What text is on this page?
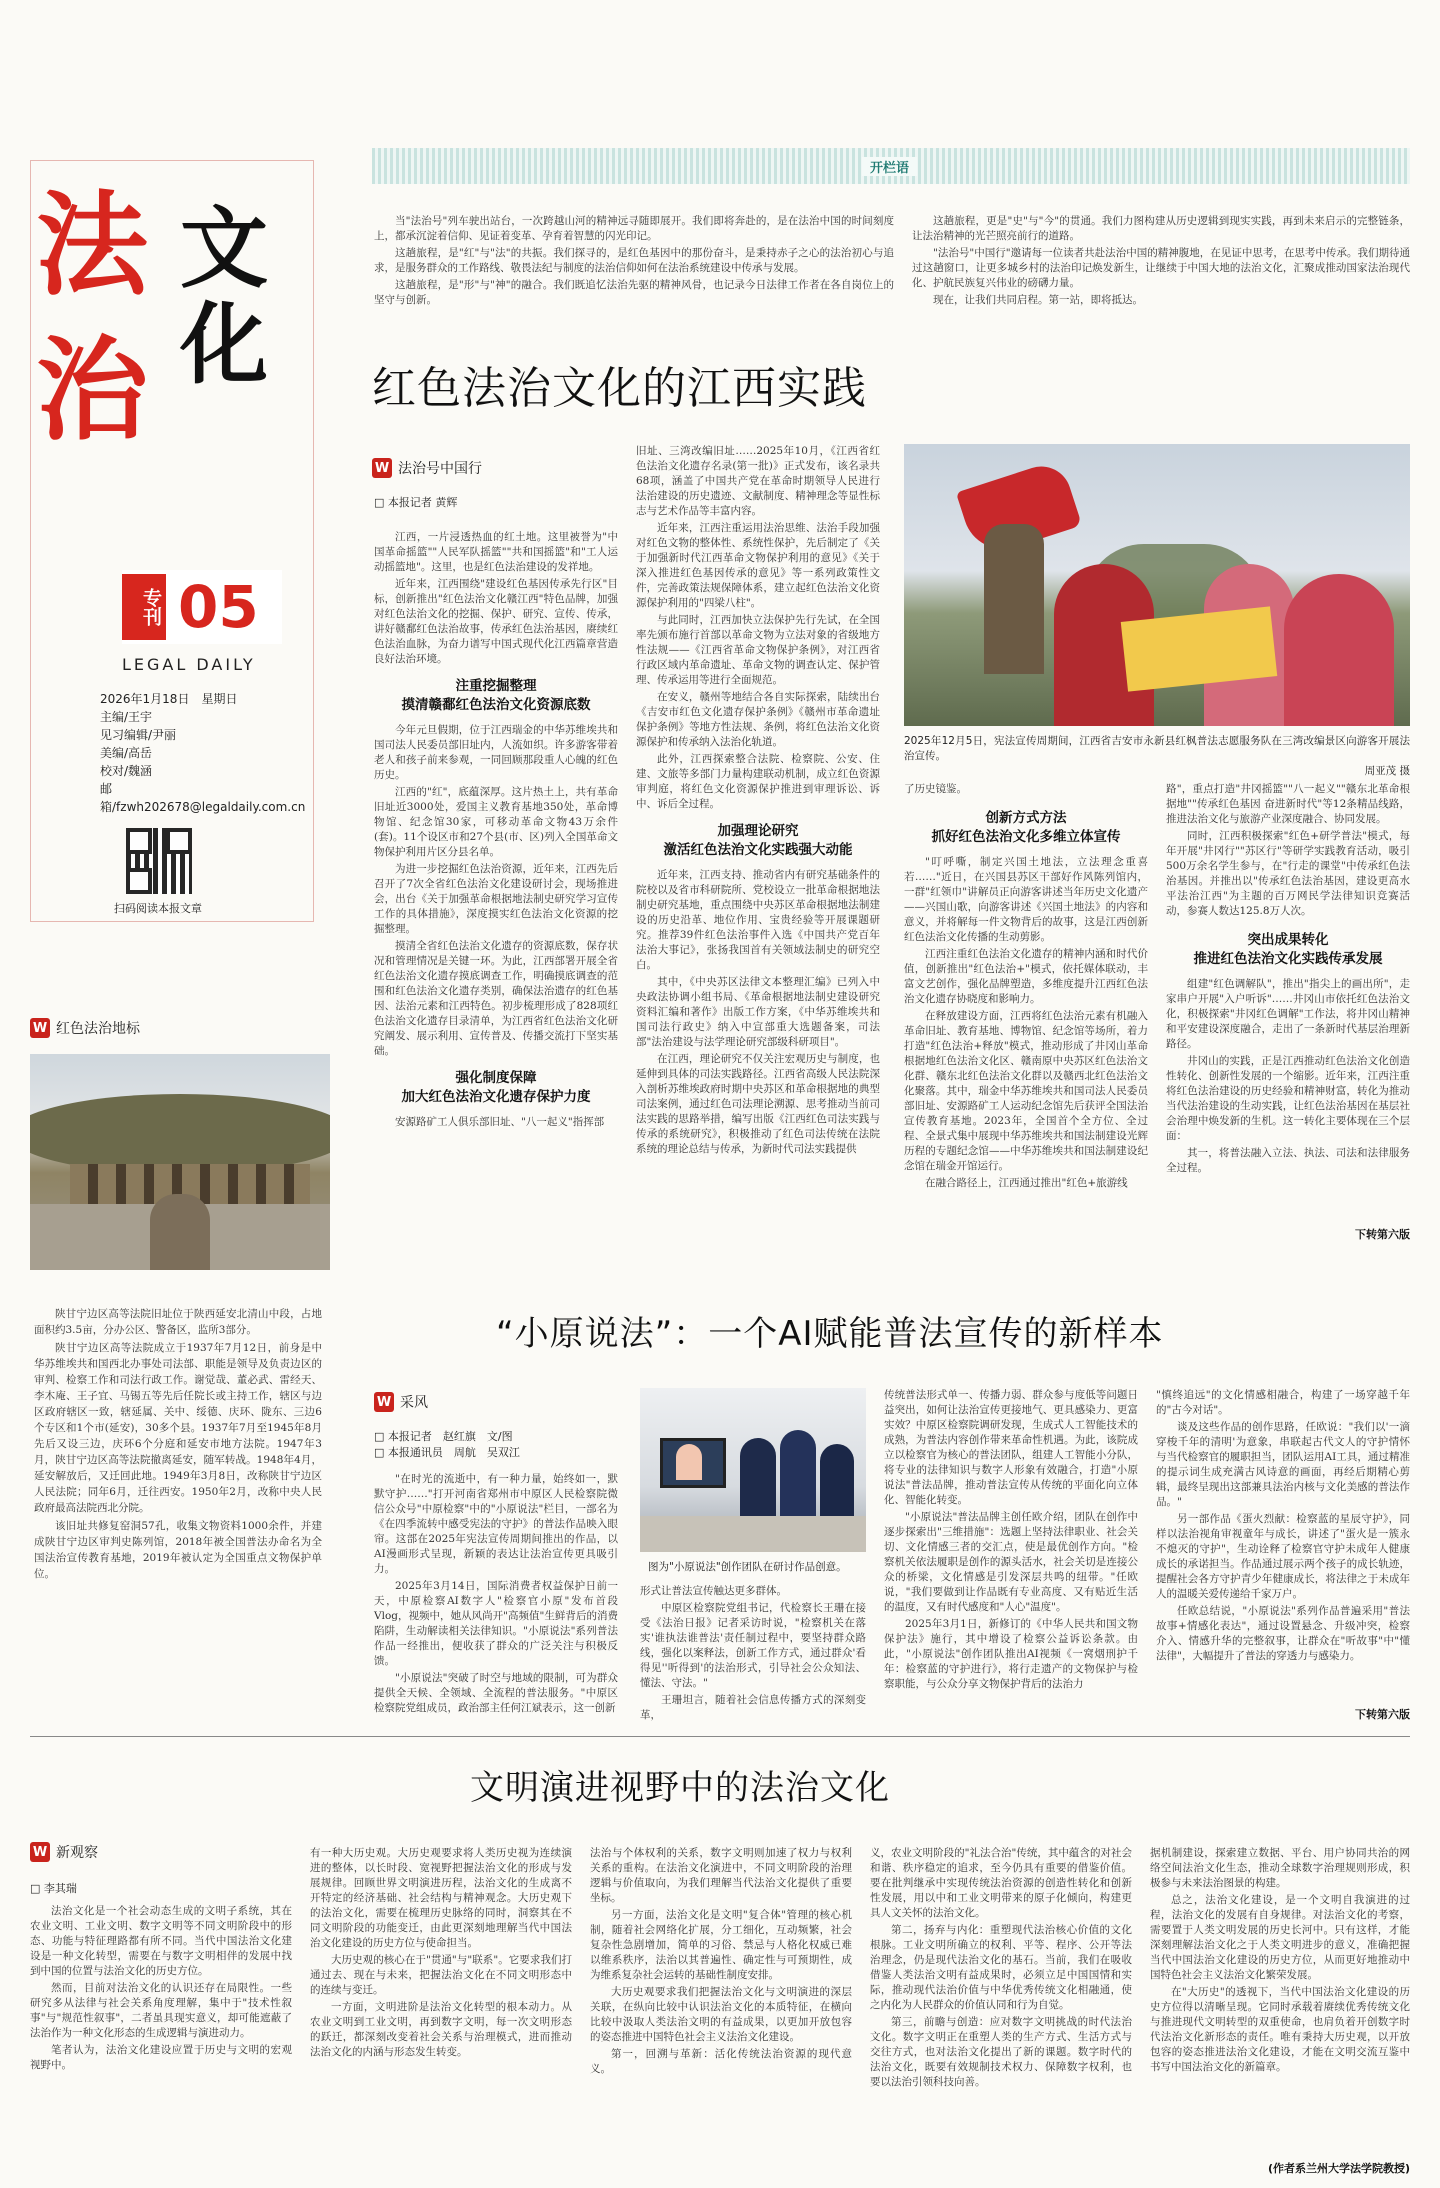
法
治
文
化
专刊 05
LEGAL DAILY
2026年1月18日　星期日
主编/王宇
见习编辑/尹丽
美编/高岳
校对/魏涵
邮箱/fzwh202678@legaldaily.com.cn
扫码阅读本报文章
开栏语

当"法治号"列车驶出站台，一次跨越山河的精神远寻随即展开。我们即将奔赴的，是在法治中国的时间刻度上，都承沉淀着信仰、见证着变革、孕育着智慧的闪光印记。

这趟旅程，是"红"与"法"的共振。我们探寻的，是红色基因中的那份奋斗，是秉持赤子之心的法治初心与追求，是服务群众的工作路线、敬畏法纪与制度的法治信仰如何在法治系统建设中传承与发展。

这趟旅程，是"形"与"神"的融合。我们既追忆法治先驱的精神风骨，也记录今日法律工作者在各自岗位上的坚守与创新。

这趟旅程，更是"史"与"今"的贯通。我们力图构建从历史逻辑到现实实践，再到未来启示的完整链条，让法治精神的光芒照亮前行的道路。

"法治号"中国行"邀请每一位读者共赴法治中国的精神腹地，在见证中思考，在思考中传承。我们期待通过这趟窗口，让更多城乡村的法治印记焕发新生，让继续于中国大地的法治文化，汇聚成推动国家法治现代化、护航民族复兴伟业的磅礴力量。

现在，让我们共同启程。第一站，即将抵达。

红色法治文化的江西实践
W 法治号中国行
□ 本报记者 黄辉

江西，一片浸透热血的红土地。这里被誉为"中国革命摇篮""人民军队摇篮""共和国摇篮"和"工人运动摇篮地"。这里，也是红色法治建设的发祥地。

近年来，江西围绕"建设红色基因传承先行区"目标，创新推出"红色法治文化赣江西"特色品牌，加强对红色法治文化的挖掘、保护、研究、宣传、传承，讲好赣鄱红色法治故事，传承红色法治基因，赓续红色法治血脉，为奋力谱写中国式现代化江西篇章营造良好法治环境。

注重挖掘整理
摸清赣鄱红色法治文化资源底数

今年元旦假期，位于江西瑞金的中华苏维埃共和国司法人民委员部旧址内，人流如织。许多游客带着老人和孩子前来参观，一同回顾那段重人心魄的红色历史。

江西的"红"，底蕴深厚。这片热土上，共有革命旧址近3000处，爱国主义教育基地350处，革命博物馆、纪念馆30家，可移动革命文物43万余件(套)。11个设区市和27个县(市、区)列入全国革命文物保护利用片区分县名单。

为进一步挖掘红色法治资源，近年来，江西先后召开了7次全省红色法治文化建设研讨会，现场推进会，出台《关于加强革命根据地法制史研究学习宣传工作的具体措施》，深度摸实红色法治文化资源的挖掘整理。

摸清全省红色法治文化遗存的资源底数，保存状况和管理情况是关键一环。为此，江西部署开展全省红色法治文化遗存摸底调查工作，明确摸底调查的范围和红色法治文化遗存类别，确保法治遗存的红色基因、法治元素和江西特色。初步梳理形成了828项红色法治文化遗存目录清单，为江西省红色法治文化研究阐发、展示利用、宣传普及、传播交流打下坚实基础。

强化制度保障
加大红色法治文化遗存保护力度

安源路矿工人俱乐部旧址、"八一起义"指挥部

旧址、三湾改编旧址……2025年10月，《江西省红色法治文化遗存名录(第一批)》正式发布，该名录共68项，涵盖了中国共产党在革命时期领导人民进行法治建设的历史遗迹、文献制度、精神理念等显性标志与艺术作品等丰富内容。

近年来，江西注重运用法治思维、法治手段加强对红色文物的整体性、系统性保护，先后制定了《关于加强新时代江西革命文物保护利用的意见》《关于深入推进红色基因传承的意见》等一系列政策性文件，完善政策法规保障体系，建立起红色法治文化资源保护利用的"四梁八柱"。

与此同时，江西加快立法保护先行先试，在全国率先颁布施行首部以革命文物为立法对象的省级地方性法规——《江西省革命文物保护条例》，对江西省行政区域内革命遗址、革命文物的调查认定、保护管理、传承运用等进行全面规范。

在安义，赣州等地结合各自实际探索，陆续出台《吉安市红色文化遗存保护条例》《赣州市革命遗址保护条例》等地方性法规、条例，将红色法治文化资源保护和传承纳入法治化轨道。

此外，江西探索整合法院、检察院、公安、住建、文旅等多部门力量构建联动机制，成立红色资源审判庭，将红色文化资源保护推进到审理诉讼、诉中、诉后全过程。

加强理论研究
激活红色法治文化实践强大动能

近年来，江西支持、推动省内有研究基础条件的院校以及省市科研院所、党校设立一批革命根据地法制史研究基地，重点围绕中央苏区革命根据地法制建设的历史沿革、地位作用、宝贵经验等开展课题研究。推荐39件红色法治事件入选《中国共产党百年法治大事记》，张扬我国首有关领域法制史的研究空白。

其中，《中央苏区法律文本整理汇编》已列入中央政法协调小组书局、《革命根据地法制史建设研究资料汇编和著作》出版工作方案，《中华苏维埃共和国司法行政史》纳入中宣部重大选题备案，司法部"法治建设与法学理论研究部级科研项目"。

在江西，理论研究不仅关注宏观历史与制度，也延伸到具体的司法实践路径。江西省高级人民法院深入剖析苏维埃政府时期中央苏区和革命根据地的典型司法案例，通过红色司法理论溯源、思考推动当前司法实践的思路举措，编写出版《江西红色司法实践与传承的系统研究》，积极推动了红色司法传统在法院系统的理论总结与传承，为新时代司法实践提供

2025年12月5日，宪法宣传周期间，江西省吉安市永新县红枫普法志愿服务队在三湾改编景区向游客开展法治宣传。
周亚茂 摄

了历史镜鉴。

创新方式方法
抓好红色法治文化多维立体宣传

"叮呼嘶，制定兴国土地法，立法理念重喜若……"近日，在兴国县苏区干部好作风陈列馆内，一群"红领巾"讲解员正向游客讲述当年历史文化遗产——兴国山歌，向游客讲述《兴国土地法》的内容和意义，并将解每一件文物背后的故事，这是江西创新红色法治文化传播的生动剪影。

江西注重红色法治文化遗存的精神内涵和时代价值，创新推出"红色法治+"模式，依托媒体联动，丰富文艺创作，强化品牌塑造，多维度提升江西红色法治文化遗存协晓度和影响力。

在释放建设方面，江西将红色法治元素有机融入革命旧址、教育基地、博物馆、纪念馆等场所，着力打造"红色法治+释放"模式，推动形成了井冈山革命根据地红色法治文化区、赣南原中央苏区红色法治文化群、赣东北红色法治文化群以及赣西北红色法治文化聚落。其中，瑞金中华苏维埃共和国司法人民委员部旧址、安源路矿工人运动纪念馆先后获评全国法治宣传教育基地。2023年，全国首个全方位、全过程、全景式集中展现中华苏维埃共和国法制建设光辉历程的专题纪念馆——中华苏维埃共和国法制建设纪念馆在瑞金开馆运行。

在融合路径上，江西通过推出"红色+旅游线

路"，重点打造"井冈摇篮""八一起义""赣东北革命根据地""传承红色基因 奋进新时代"等12条精品线路，推进法治文化与旅游产业深度融合、协同发展。

同时，江西积极探索"红色+研学普法"模式，每年开展"井冈行""苏区行"等研学实践教育活动，吸引500万余名学生参与，在"行走的课堂"中传承红色法治基因。并推出以"传承红色法治基因，建设更高水平法治江西"为主题的百万网民学法律知识竞赛活动，参赛人数达125.8万人次。

突出成果转化
推进红色法治文化实践传承发展

组建"红色调解队"，推出"指尖上的画出所"，走家串户开展"入户听诉"……井冈山市依托红色法治文化，积极探索"井冈红色调解"工作法，将井冈山精神和平安建设深度融合，走出了一条新时代基层治理新路径。

井冈山的实践，正是江西推动红色法治文化创造性转化、创新性发展的一个缩影。近年来，江西注重将红色法治建设的历史经验和精神财富，转化为推动当代法治建设的生动实践，让红色法治基因在基层社会治理中焕发新的生机。这一转化主要体现在三个层面：

其一，将普法融入立法、执法、司法和法律服务全过程。

下转第六版
W 红色法治地标

陕甘宁边区高等法院旧址位于陕西延安北清山中段，占地面积约3.5亩，分办公区、警备区，监所3部分。

陕甘宁边区高等法院成立于1937年7月12日，前身是中华苏维埃共和国西北办事处司法部、职能是领导及负责边区的审判、检察工作和司法行政工作。谢觉哉、董必武、雷经天、李木庵、王子宜、马锡五等先后任院长或主持工作，辖区与边区政府辖区一致，辖延属、关中、绥德、庆环、陇东、三边6个专区和1个市(延安)，30多个县。1937年7月至1945年8月先后又设三边，庆环6个分庭和延安市地方法院。1947年3月，陕甘宁边区高等法院撤离延安，随军转战。1948年4月，延安解放后，又迁回此地。1949年3月8日，改称陕甘宁边区人民法院；同年6月，迁往西安。1950年2月，改称中央人民政府最高法院西北分院。

该旧址共修复窑洞57孔，收集文物资料1000余件，并建成陕甘宁边区审判史陈列馆，2018年被全国普法办命名为全国法治宣传教育基地，2019年被认定为全国重点文物保护单位。

“小原说法”：一个AI赋能普法宣传的新样本
W 采风
□ 本报记者　赵红旗　文/图
□ 本报通讯员　周航　吴双江

"在时光的流逝中，有一种力量，始终如一，默默守护……"打开河南省郑州市中原区人民检察院微信公众号"中原检察"中的"小原说法"栏目，一部名为《在四季流转中感受宪法的守护》的普法作品映入眼帘。这部在2025年宪法宣传周期间推出的作品，以AI漫画形式呈现，新颖的表达让法治宣传更具吸引力。

2025年3月14日，国际消费者权益保护日前一天，中原检察AI数字人"检察官小原"发布首段Vlog，视频中，她从风尚开"高频值"生鲜背后的消费陷阱，生动解读相关法律知识。"小原说法"系列普法作品一经推出，便收获了群众的广泛关注与积极反馈。

"小原说法"突破了时空与地域的限制，可为群众提供全天候、全领域、全流程的普法服务。"中原区检察院党组成员，政治部主任何江斌表示，这一创新

图为"小原说法"创作团队在研讨作品创意。

形式让普法宣传触达更多群体。

中原区检察院党组书记，代检察长王珊在接受《法治日报》记者采访时说，"检察机关在落实'谁执法谁普法'责任制过程中，要坚持群众路线，强化以案释法，创新工作方式，通过群众'看得见''听得到'的法治形式，引导社会公众知法、懂法、守法。"

王珊坦言，随着社会信息传播方式的深刻变革，

传统普法形式单一、传播力弱、群众参与度低等问题日益突出，如何让法治宣传更接地气、更具感染力、更富实效？中原区检察院调研发现，生成式人工智能技术的成熟，为普法内容创作带来革命性机遇。为此，该院成立以检察官为核心的普法团队，组建人工智能小分队，将专业的法律知识与数字人形象有效融合，打造"小原说法"普法品牌，推动普法宣传从传统的平面化向立体化、智能化转变。

"小原说法"普法品牌主创任欧介绍，团队在创作中逐步探索出"三维措施"：选题上坚持法律职业、社会关切、文化情感三者的交汇点，使是最优创作方向。"检察机关依法履职是创作的源头活水，社会关切是连接公众的桥梁，文化情感是引发深层共鸣的纽带。"任欧说，"我们要做到让作品既有专业高度、又有贴近生活的温度，又有时代感度和"人心"温度"。

2025年3月1日，新修订的《中华人民共和国文物保护法》施行，其中增设了检察公益诉讼条款。由此，"小原说法"创作团队推出AI视频《一窝烟刑护千年：检察蓝的守护进行》，将行走遗产的文物保护与检察职能，与公众分享文物保护背后的法治力

"慎终追远"的文化情感相融合，构建了一场穿越千年的"古今对话"。

谈及这些作品的创作思路，任欧说："我们以'一滴穿梭千年的清明'为意象，串联起古代文人的守护情怀与当代检察官的履职担当，团队运用AI工具，通过精准的提示词生成充满古风诗意的画面，再经后期精心剪辑，最终呈现出这部兼具法治内核与文化美感的普法作品。"

另一部作品《蛋火烈献：检察蓝的星辰守护》，同样以法治视角审视童年与成长，讲述了"蛋火是一簇永不熄灭的守护"，生动诠释了检察官守护未成年人健康成长的承诺担当。作品通过展示两个孩子的成长轨迹，提醒社会各方守护青少年健康成长，将法律之于未成年人的温暖关爱传递给千家万户。

任欧总结说，"小原说法"系列作品普遍采用"普法故事+情感化表达"，通过设置悬念、升级冲突，检察介入、情感升华的完整叙事，让群众在"听故事"中"懂法律"，大幅提升了普法的穿透力与感染力。

下转第六版
文明演进视野中的法治文化
W 新观察
□ 李其瑞

法治文化是一个社会动态生成的文明子系统，其在农业文明、工业文明、数字文明等不同文明阶段中的形态、功能与特征理路都有所不同。当代中国法治文化建设是一种文化转型，需要在与数字文明相伴的发展中找到中国的位置与法治文化的历史方位。

然而，目前对法治文化的认识还存在局限性。一些研究多从法律与社会关系角度理解，集中于"技术性叙事"与"规范性叙事"，二者虽具现实意义，却可能遮蔽了法治作为一种文化形态的生成逻辑与演进动力。

笔者认为，法治文化建设应置于历史与文明的宏观视野中。

有一种大历史观。大历史观要求将人类历史视为连续演进的整体，以长时段、宽视野把握法治文化的形成与发展规律。回顾世界文明演进历程，法治文化的生成离不开特定的经济基础、社会结构与精神观念。大历史观下的法治文化，需要在梳理历史脉络的同时，洞察其在不同文明阶段的功能变迁，由此更深刻地理解当代中国法治文化建设的历史方位与使命担当。

大历史观的核心在于"贯通"与"联系"。它要求我们打通过去、现在与未来，把握法治文化在不同文明形态中的连续与变迁。

一方面，文明进阶是法治文化转型的根本动力。从农业文明到工业文明，再到数字文明，每一次文明形态的跃迁，都深刻改变着社会关系与治理模式，进而推动法治文化的内涵与形态发生转变。

法治与个体权利的关系，数字文明则加速了权力与权利关系的重构。在法治文化演进中，不同文明阶段的治理逻辑与价值取向，为我们理解当代法治文化提供了重要坐标。

另一方面，法治文化是文明"复合体"管理的核心机制，随着社会网络化扩展，分工细化，互动频繁，社会复杂性急剧增加，简单的习俗、禁忌与人格化权威已难以维系秩序，法治以其普遍性、确定性与可预期性，成为维系复杂社会运转的基础性制度安排。

大历史观要求我们把握法治文化与文明演进的深层关联，在纵向比较中认识法治文化的本质特征，在横向比较中汲取人类法治文明的有益成果，以更加开放包容的姿态推进中国特色社会主义法治文化建设。

第一，回溯与革新：活化传统法治资源的现代意义。

义，农业文明阶段的"礼法合治"传统，其中蕴含的对社会和谐、秩序稳定的追求，至今仍具有重要的借鉴价值。要在批判继承中实现传统法治资源的创造性转化和创新性发展，用以中和工业文明带来的原子化倾向，构建更具人文关怀的法治文化。

第二，扬弃与内化：重塑现代法治核心价值的文化根脉。工业文明所确立的权利、平等、程序、公开等法治理念，仍是现代法治文化的基石。当前，我们在吸收借鉴人类法治文明有益成果时，必须立足中国国情和实际，推动现代法治价值与中华优秀传统文化相融通，使之内化为人民群众的价值认同和行为自觉。

第三，前瞻与创造：应对数字文明挑战的时代法治文化。数字文明正在重塑人类的生产方式、生活方式与交往方式，也对法治文化提出了新的课题。数字时代的法治文化，既要有效规制技术权力、保障数字权利，也要以法治引领科技向善。

据机制建设，探索建立数据、平台、用户协同共治的网络空间法治文化生态，推动全球数字治理规则形成，积极参与未来法治图景的构建。

总之，法治文化建设，是一个文明自我演进的过程，法治文化的发展有自身规律。对法治文化的考察，需要置于人类文明发展的历史长河中。只有这样，才能深刻理解法治文化之于人类文明进步的意义，准确把握当代中国法治文化建设的历史方位，从而更好地推动中国特色社会主义法治文化繁荣发展。

在"大历史"的透视下，当代中国法治文化建设的历史方位得以清晰呈现。它同时承载着赓续优秀传统文化与推进现代文明转型的双重使命，也肩负着开创数字时代法治文化新形态的责任。唯有秉持大历史观，以开放包容的姿态推进法治文化建设，才能在文明交流互鉴中书写中国法治文化的新篇章。

(作者系兰州大学法学院教授)
